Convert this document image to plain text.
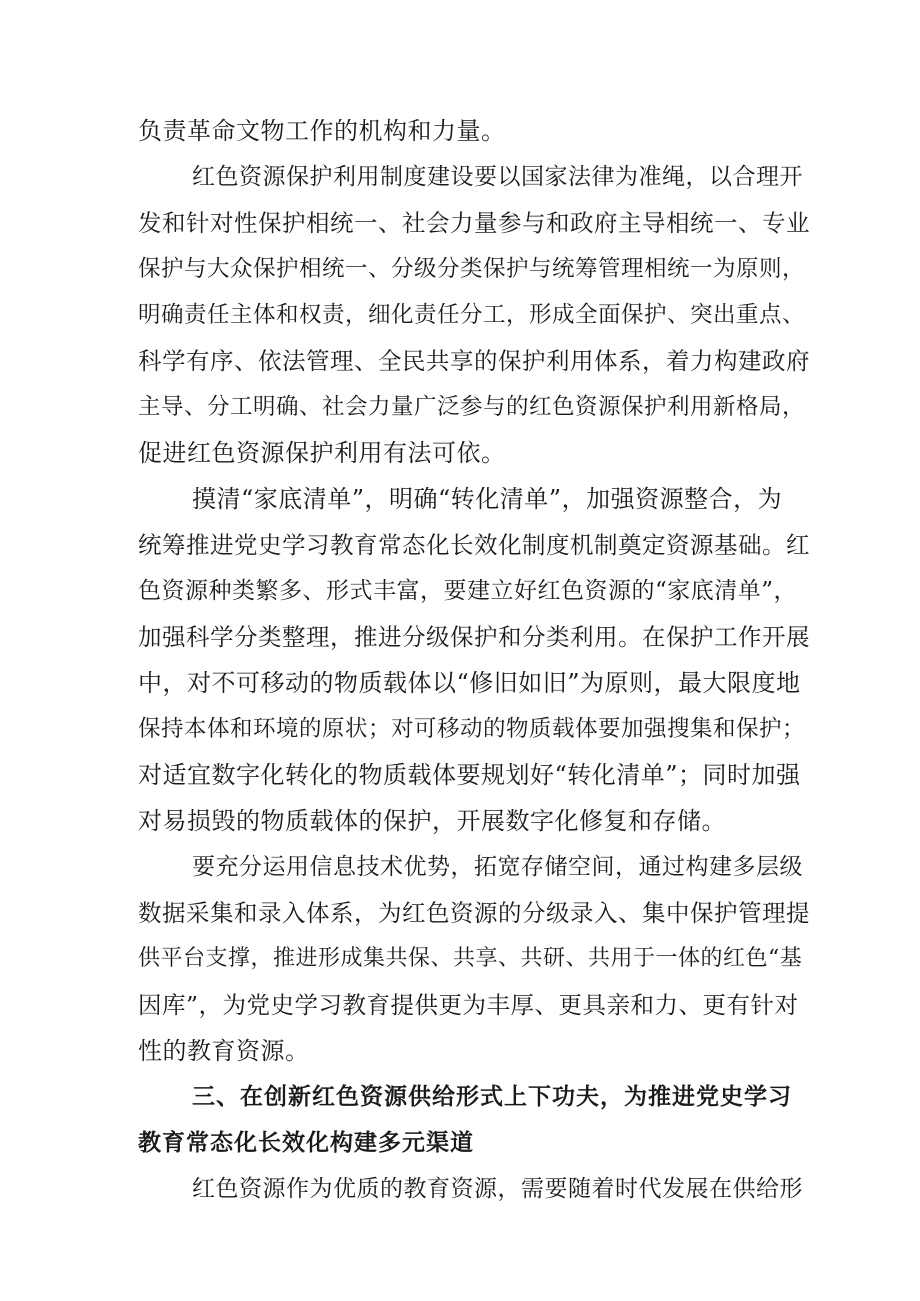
负责革命文物工作的机构和力量。
红色资源保护利用制度建设要以国家法律为准绳，以合理开
发和针对性保护相统一、社会力量参与和政府主导相统一、专业
保护与大众保护相统一、分级分类保护与统筹管理相统一为原则，
明确责任主体和权责，细化责任分工，形成全面保护、突出重点、
科学有序、依法管理、全民共享的保护利用体系，着力构建政府
主导、分工明确、社会力量广泛参与的红色资源保护利用新格局，
促进红色资源保护利用有法可依。
摸清“家底清单”，明确“转化清单”，加强资源整合，为
统筹推进党史学习教育常态化长效化制度机制奠定资源基础。红
色资源种类繁多、形式丰富，要建立好红色资源的“家底清单”，
加强科学分类整理，推进分级保护和分类利用。在保护工作开展
中，对不可移动的物质载体以“修旧如旧”为原则，最大限度地
保持本体和环境的原状；对可移动的物质载体要加强搜集和保护；
对适宜数字化转化的物质载体要规划好“转化清单”；同时加强
对易损毁的物质载体的保护，开展数字化修复和存储。
要充分运用信息技术优势，拓宽存储空间，通过构建多层级
数据采集和录入体系，为红色资源的分级录入、集中保护管理提
供平台支撑，推进形成集共保、共享、共研、共用于一体的红色“基
因库”，为党史学习教育提供更为丰厚、更具亲和力、更有针对
性的教育资源。
三、在创新红色资源供给形式上下功夫，为推进党史学习
教育常态化长效化构建多元渠道
红色资源作为优质的教育资源，需要随着时代发展在供给形
